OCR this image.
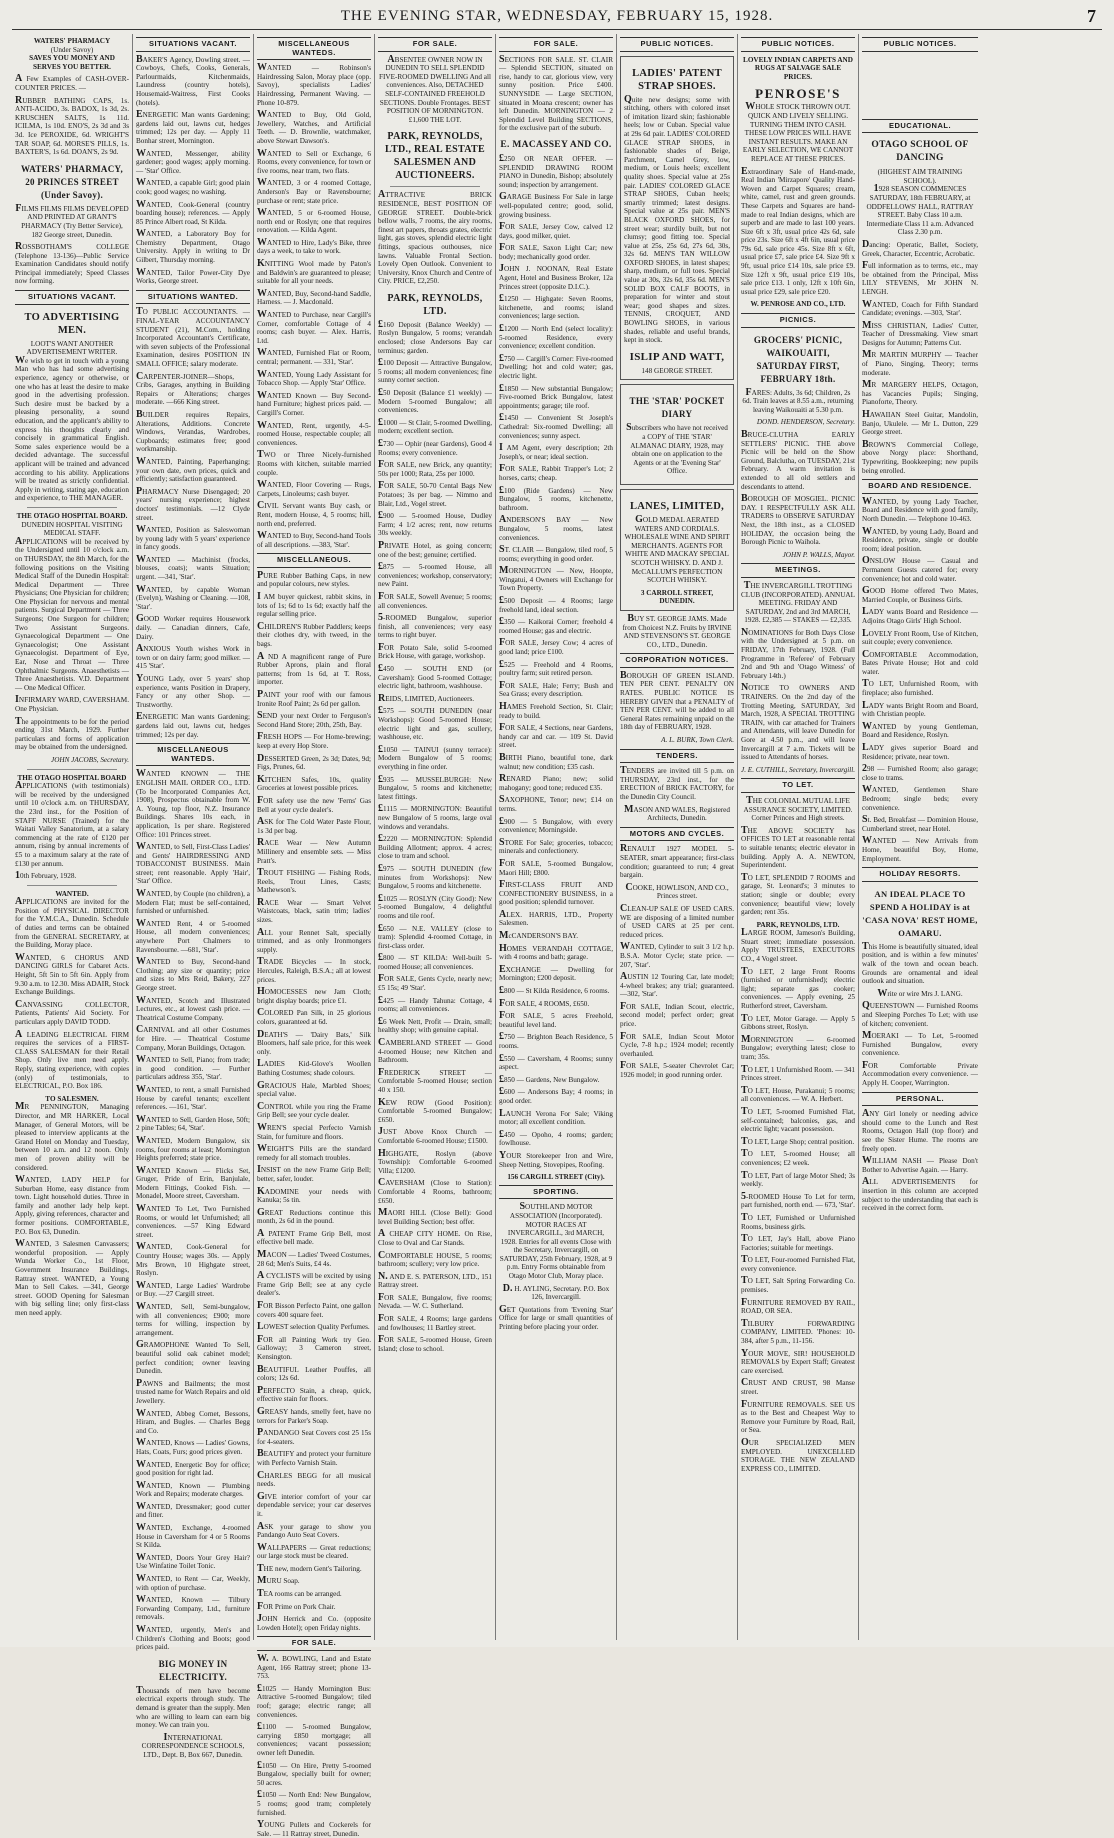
THE EVENING STAR, WEDNESDAY, FEBRUARY 15, 1928.	7
WATERS' PHARMACY
(Under Savoy)
SAVES YOU MONEY AND SERVES YOU BETTER.
A Few Examples of CASH-OVER-COUNTER PRICES. —
RUBBER BATHING CAPS, 1s. ANTI-ACIDO, 3s. BADOX, 1s 3d, 2s. KRUSCHEN SALTS, 1s 11d. ICILMA, 1s 10d. ENO'S, 2s 3d and 3s 3d. Ice PEROXIDE, 6d. WRIGHT'S TAR SOAP, 6d. MORSE'S PILLS, 1s. BAXTER'S, 1s 6d. DOAN'S, 2s 9d.
WATERS' PHARMACY, 20 PRINCES STREET (Under Savoy).
FILMS FILMS FILMS DEVELOPED AND PRINTED AT GRANT'S PHARMACY (Try Better Service), 182 George street, Dunedin.
ROSSBOTHAM'S COLLEGE (Telephone 13-136)—Public Service Examination Candidates should notify Principal immediately; Speed Classes now forming.
SITUATIONS VACANT.
TO ADVERTISING MEN.
LOOT'S WANT ANOTHER ADVERTISEMENT WRITER.
We wish to get in touch with a young Man who has had some advertising experience, agency or otherwise, or one who has at least the desire to make good in the advertising profession. Such desire must be backed by a pleasing personality, a sound education, and the applicant's ability to express his thoughts clearly and concisely in grammatical English. Some sales experience would be a decided advantage. The successful applicant will be trained and advanced according to his ability. Applications will be treated as strictly confidential. Apply in writing, stating age, education and experience, to THE MANAGER.
THE OTAGO HOSPITAL BOARD.
DUNEDIN HOSPITAL VISITING MEDICAL STAFF.
APPLICATIONS will be received by the Undersigned until 10 o'clock a.m. on THURSDAY, the 8th March, for the following positions on the Visiting Medical Staff of the Dunedin Hospital: Medical Department — Three Physicians; One Physician for children; One Physician for nervous and mental patients. Surgical Department — Three Surgeons; One Surgeon for children; Two Assistant Surgeons. Gynaecological Department — One Gynaecologist; One Assistant Gynaecologist. Department of Eye, Ear, Nose and Throat — Three Ophthalmic Surgeons. Anaesthetists — Three Anaesthetists. V.D. Department — One Medical Officer.
INFIRMARY WARD, CAVERSHAM. One Physician.
The appointments to be for the period ending 31st March, 1929. Further particulars and forms of application may be obtained from the undersigned.
JOHN JACOBS, Secretary.
THE OTAGO HOSPITAL BOARD
APPLICATIONS (with testimonials) will be received by the undersigned until 10 o'clock a.m. on THURSDAY, the 23rd inst., for the Position of STAFF NURSE (Trained) for the Waitati Valley Sanatorium, at a salary commencing at the rate of £120 per annum, rising by annual increments of £5 to a maximum salary at the rate of £130 per annum.
10th February, 1928.
WANTED.
APPLICATIONS are invited for the Position of PHYSICAL DIRECTOR for the Y.M.C.A., Dunedin. Schedule of duties and terms can be obtained from the GENERAL SECRETARY, at the Building, Moray place.
WANTED, 6 CHORUS AND DANCING GIRLS for Cabaret Acts. Height, 5ft 5in to 5ft 6in. Apply from 9.30 a.m. to 12.30. Miss ADAIR, Stock Exchange Buildings.
CANVASSING COLLECTOR, Patients, Patients' Aid Society. For particulars apply DAVID TODD.
A LEADING ELECTRICAL FIRM requires the services of a FIRST-CLASS SALESMAN for their Retail Shop. Only live men need apply. Reply, stating experience, with copies (only) of testimonials, to ELECTRICAL, P.O. Box 186.
TO SALESMEN.
MR PENNINGTON, Managing Director, and MR HARKER, Local Manager, of General Motors, will be pleased to interview applicants at the Grand Hotel on Monday and Tuesday, between 10 a.m. and 12 noon. Only men of proven ability will be considered.
WANTED, LADY HELP for Suburban Home, easy distance from town. Light household duties. Three in family and another lady help kept. Apply, giving references, character and former positions. COMFORTABLE, P.O. Box 63, Dunedin.
WANTED, 3 Salesmen Canvassers; wonderful proposition. — Apply Wunda Worker Co., 1st Floor, Government Insurance Buildings, Rattray street. WANTED, a Young Man to Sell Cakes. —341, George street. GOOD Opening for Salesman with big selling line; only first-class men need apply.
SITUATIONS VACANT.
BAKER'S Agency, Dowling street. — Cowboys, Chefs, Cooks, Generals, Parlourmaids, Kitchenmaids, Laundress (country hotels), Housemaid-Waitress, First Cooks (hotels).
ENERGETIC Man wants Gardening; gardens laid out, lawns cut, hedges trimmed; 12s per day. — Apply 11 Bonhar street, Mornington.
WANTED, Messenger, ability gardener; good wages; apply morning. — 'Star' Office.
WANTED, a capable Girl; good plain cook; good wages; no washing.
WANTED, Cook-General (country boarding house); references. — Apply 85 Prince Albert road, St Kilda.
WANTED, a Laboratory Boy for Chemistry Department, Otago University. Apply in writing to Dr Gilbert, Thursday morning.
WANTED, Tailor Power-City Dye Works, George street.
SITUATIONS WANTED.
TO PUBLIC ACCOUNTANTS. — FINAL-YEAR ACCOUNTANCY STUDENT (21), M.Com., holding Incorporated Accountant's Certificate, with seven subjects of the Professional Examination, desires POSITION IN SMALL OFFICE; salary moderate.
CARPENTER-JOINER—Shops, Cribs, Garages, anything in Building Repairs or Alterations; charges moderate. —666 King street.
BUILDER requires Repairs, Alterations, Additions. Concrete Windows, Verandas, Wardrobes, Cupboards; estimates free; good workmanship.
WANTED, Painting, Paperhanging; your own date, own prices, quick and efficiently; satisfaction guaranteed.
PHARMACY Nurse Disengaged; 20 years' nursing experience; highest doctors' testimonials. —12 Clyde street.
WANTED, Position as Saleswoman by young lady with 5 years' experience in fancy goods.
WANTED — Machinist (frocks, blouses, coats); wants Situation; urgent. —341, 'Star'.
WANTED, by capable Woman (Evelyn), Washing or Cleaning. —108, 'Star'.
GOOD Worker requires Housework daily. — Canadian dinners, Cafe, Dairy.
ANXIOUS Youth wishes Work in town or on dairy farm; good milker. —415 'Star'.
YOUNG Lady, over 5 years' shop experience, wants Position in Drapery, Fancy or any other Shop. — Trustworthy.
ENERGETIC Man wants Gardening; gardens laid out, lawns cut, hedges trimmed; 12s per day.
MISCELLANEOUS WANTEDS.
WANTED KNOWN — THE ENGLISH MAIL ORDER CO., LTD. (To be Incorporated Companies Act, 1908), Prospectus obtainable from W. A. Young, top floor, N.Z. Insurance Buildings. Shares 10s each, in application, 1s per share. Registered Office: 101 Princes street.
WANTED, to Sell, First-Class Ladies' and Gents' HAIRDRESSING AND TOBACCONIST BUSINESS. Main street; rent reasonable. Apply 'Hair', 'Star' Office.
WANTED, by Couple (no children), a Modern Flat; must be self-contained, furnished or unfurnished.
WANTED Rent, 4 or 5-roomed House, all modern conveniences; anywhere Port Chalmers to Ravensbourne. —681, 'Star'.
WANTED to Buy, Second-hand Clothing; any size or quantity; price and sizes to Mrs Reid, Bakery, 227 George street.
WANTED, Scotch and Illustrated Lectures, etc., at lowest cash price. — Theatrical Costume Company.
CARNIVAL and all other Costumes for Hire. — Theatrical Costume Company, Moran Buildings, Octagon.
WANTED to Sell, Piano; from trade; in good condition. — Further particulars address 355, 'Star'.
WANTED, to rent, a small Furnished House by careful tenants; excellent references. —161, 'Star'.
WANTED to Sell, Garden Hose, 50ft; 2 pine Tables; 64, 'Star'.
WANTED, Modern Bungalow, six rooms, four rooms at least; Mornington Heights preferred; state price.
WANTED Known — Flicks Set, Gruger, Pride of Erin, Banjulale, Modern Fittings, Cooked Fish. — Monadel, Moore street, Caversham.
WANTED To Let, Two Furnished Rooms, or would let Unfurnished; all conveniences. —57 King Edward street.
WANTED, Cook-General for Country House; wages 30s. — Apply Mrs Brown, 10 Highgate street, Roslyn.
WANTED, Large Ladies' Wardrobe or Buy. —27 Cargill street.
WANTED, Sell, Semi-bungalow, with all conveniences; £900; more terms for willing, inspection by arrangement.
GRAMOPHONE Wanted To Sell, beautiful solid oak cabinet model; perfect condition; owner leaving Dunedin.
PAWNS and Bailments; the most trusted name for Watch Repairs and old Jewellery.
WANTED, Abbeg Cornet, Bessons, Hiram, and Bugles. — Charles Begg and Co.
WANTED, Knows — Ladies' Gowns, Hats, Coats, Furs; good prices given.
WANTED, Energetic Boy for office; good position for right lad.
WANTED, Known — Plumbing Work and Repairs; moderate charges.
WANTED, Dressmaker; good cutter and fitter.
WANTED, Exchange, 4-roomed House in Caversham for 4 or 5 Rooms St Kilda.
WANTED, Doors Your Grey Hair? Use Winfatine Toilet Tonic.
WANTED, to Rent — Car, Weekly, with option of purchase.
WANTED, Known — Tilbury Forwarding Company, Ltd., furniture removals.
WANTED, urgently, Men's and Children's Clothing and Boots; good prices paid.
BIG MONEY IN ELECTRICITY.
Thousands of men have become electrical experts through study. The demand is greater than the supply. Men who are willing to learn can earn big money. We can train you.
INTERNATIONAL CORRESPONDENCE SCHOOLS, LTD., Dept. B, Box 667, Dunedin.
MISCELLANEOUS WANTEDS.
WANTED — Robinson's Hairdressing Salon, Moray place (opp. Savoy), specialists Ladies' Hairdressing, Permanent Waving. — Phone 10-879.
WANTED to Buy, Old Gold, Jewellery, Watches, and Artificial Teeth. — D. Brownlie, watchmaker, above Stewart Dawson's.
WANTED to Sell or Exchange, 6 Rooms, every convenience, for town or five rooms, near tram, two flats.
WANTED, 3 or 4 roomed Cottage, Anderson's Bay or Ravensbourne; purchase or rent; state price.
WANTED, 5 or 6-roomed House, north end or Roslyn; one that requires renovation. — Kilda Agent.
WANTED to Hire, Lady's Bike, three days a week, to take to work.
KNITTING Wool made by Paton's and Baldwin's are guaranteed to please; suitable for all your needs.
WANTED, Buy, Second-hand Saddle, Harness. — J. Macdonald.
WANTED to Purchase, near Cargill's Corner, comfortable Cottage of 4 rooms; cash buyer. — Alex. Harris, Ltd.
WANTED, Furnished Flat or Room, central; permanent. — 331, 'Star'.
WANTED, Young Lady Assistant for Tobacco Shop. — Apply 'Star' Office.
WANTED Known — Buy Second-hand Furniture; highest prices paid. — Cargill's Corner.
WANTED, Rent, urgently, 4-5-roomed House, respectable couple; all conveniences.
TWO or Three Nicely-furnished Rooms with kitchen, suitable married couple.
WANTED, Floor Covering — Rugs, Carpets, Linoleums; cash buyer.
CIVIL Servant wants Buy cash, or Rent, modern House, 4, 5 rooms; hill, north end, preferred.
WANTED to Buy, Second-hand Tools of all descriptions. —383, 'Star'.
MISCELLANEOUS.
PURE Rubber Bathing Caps, in new and popular colours, new styles.
I AM buyer quickest, rabbit skins, in lots of 1s; 6d to 1s 6d; exactly half the regular selling price.
CHILDREN'S Rubber Paddlers; keeps their clothes dry, with tweed, in the bags.
A ND A magnificent range of Pure Rubber Aprons, plain and floral patterns; from 1s 6d, at T. Ross, importer.
PAINT your roof with our famous Ironite Roof Paint; 2s 6d per gallon.
SEND your next Order to Ferguson's Second Hand Store; 20th, 25th, Bay.
FRESH HOPS — For Home-brewing; keep at every Hop Store.
DESSERTED Green, 2s 3d; Dates, 9d; Figs, Prunes, 6d.
KITCHEN Safes, 10s, quality Groceries at lowest possible prices.
FOR safety use the new 'Ferns' Gas Bell at your cycle dealer's.
ASK for The Cold Water Paste Flour, 1s 3d per bag.
RACE Wear — New Autumn Millinery and ensemble sets. — Miss Pratt's.
TROUT FISHING — Fishing Rods, Reels, Trout Lines, Casts; Mathewson's.
RACE Wear — Smart Velvet Waistcoats, black, satin trim; ladies' sizes.
ALL your Rennet Salt, specially trimmed, and as only Ironmongers supply.
TRADE Bicycles — In stock, Hercules, Raleigh, B.S.A.; all at lowest prices.
HOMOCESSES new Jam Cloth; bright display boards; price £1.
COLORED Pan Silk, in 25 glorious colors, guaranteed at 6d.
DEATH'S — 'Dairy Bats,' Silk Bloomers, half sale price, for this week only.
LADIES Kid-Glove's Woollen Bathing Costumes; shade colours.
GRACIOUS Hale, Marbled Shoes; special value.
CONTROL while you ring the Frame Grip Bell; see your cycle dealer.
WREN'S special Perfecto Varnish Stain, for furniture and floors.
WEIGHT'S Pills are the standard remedy for all stomach troubles.
INSIST on the new Frame Grip Bell; better, safer, louder.
KADOMINE your needs with Kanuka; 5s tin.
GREAT Reductions continue this month, 2s 6d in the pound.
A PATENT Frame Grip Bell, most effective bell made.
MACON — Ladies' Tweed Costumes, 28 6d; Men's Suits, £4 4s.
A CYCLISTS will be excited by using Frame Grip Bell; see at any cycle dealer's.
FOR Bisson Perfecto Paint, one gallon covers 400 square feet.
LOWEST selection Quality Perfumes.
FOR all Painting Work try Geo. Galloway; 3 Cameron street, Kensington.
BEAUTIFUL Leather Pouffes, all colors; 12s 6d.
PERFECTO Stain, a cheap, quick, effective stain for floors.
GREASY hands, smelly feet, have no terrors for Parker's Soap.
PANDANGO Seat Covers cost 25 15s for 4-seaters.
BEAUTIFY and protect your furniture with Perfecto Varnish Stain.
CHARLES BEGG for all musical needs.
GIVE interior comfort of your car dependable service; your car deserves it.
ASK your garage to show you Pandango Auto Seat Covers.
WALLPAPERS — Great reductions; our large stock must be cleared.
THE new, modern Gent's Tailoring.
MURU Soap.
TEA rooms can be arranged.
FOR Prime on Pork Chair.
JOHN Herrick and Co. (opposite Lowden Hotel); open Friday nights.
FOR SALE.
W. A. BOWLING, Land and Estate Agent, 166 Rattray street; phone 13-753.
£1025 — Handy Mornington Bus: Attractive 5-roomed Bungalow; tiled roof; garage; electric range; all conveniences.
£1100 — 5-roomed Bungalow, carrying £850 mortgage; all conveniences; vacant possession; owner left Dunedin.
£1050 — On Hire, Pretty 5-roomed Bungalow, specially built for owner; 50 acres.
£1050 — North End: New Bungalow, 5 rooms; good tram; completely furnished.
YOUNG Pullets and Cockerels for Sale. — 11 Rattray street, Dunedin.
FOR SALE.
ABSENTEE OWNER NOW IN DUNEDIN TO SELL SPLENDID FIVE-ROOMED DWELLING And all conveniences. Also, DETACHED SELF-CONTAINED FREEHOLD SECTIONS. Double Frontages. BEST POSITION OF MORNINGTON. £1,600 THE LOT.
PARK, REYNOLDS, LTD., REAL ESTATE SALESMEN AND AUCTIONEERS.
ATTRACTIVE BRICK RESIDENCE, BEST POSITION OF GEORGE STREET. Double-brick bellow walls, 7 rooms, the airy rooms, finest art papers, throats grates, electric light, gas stoves, splendid electric light fittings, spacious outhouses, nice lawns. Valuable Frontal Section. Lovely Open Outlook. Convenient to University, Knox Church and Centre of City. PRICE, £2,250.
PARK, REYNOLDS, LTD.
£160 Deposit (Balance Weekly) — Roslyn Bungalow, 5 rooms; verandah enclosed; close Andersons Bay car terminus; garden.
£100 Deposit — Attractive Bungalow, 5 rooms; all modern conveniences; fine sunny corner section.
£50 Deposit (Balance £1 weekly) — Modern 5-roomed Bungalow; all conveniences.
£1000 — St Clair, 5-roomed Dwelling, modern; excellent section.
£730 — Ophir (near Gardens), Good 4 Rooms; every convenience.
FOR SALE, new Brick, any quantity; 50s per 1000; Rata, 25s per 1000.
FOR SALE, 50-70 Cental Bags New Potatoes; 3s per bag. — Nimmo and Blair, Ltd., Vogel street.
£900 — 5-roomed House, Dudley Farm; 4 1/2 acres; rent, now returns 30s weekly.
PRIVATE Hotel, as going concern; one of the best; genuine; certified.
£875 — 5-roomed House, all conveniences; workshop, conservatory; new Paint.
FOR SALE, Sowell Avenue; 5 rooms; all conveniences.
5-ROOMED Bungalow, superior finish, all conveniences; very easy terms to right buyer.
FOR Potato Sale, solid 5-roomed Brick House, with garage, workshop.
£450 — SOUTH END (or Caversham): Good 5-roomed Cottage; electric light, bathroom, washhouse.
REIDS, LIMITED, Auctioneers.
£575 — SOUTH DUNEDIN (near Workshops): Good 5-roomed House; electric light and gas, scullery, washhouse, etc.
£1050 — TAINUI (sunny terrace): Modern Bungalow of 5 rooms; everything in fine order.
£935 — MUSSELBURGH: New Bungalow, 5 rooms and kitchenette; latest fittings.
£1115 — MORNINGTON: Beautiful new Bungalow of 5 rooms, large oval windows and verandahs.
£2220 — MORNINGTON: Splendid Building Allotment; approx. 4 acres; close to tram and school.
£975 — SOUTH DUNEDIN (few minutes from Workshops): New Bungalow, 5 rooms and kitchenette.
£1025 — ROSLYN (City Good): New 5-roomed Bungalow, 4 delightful rooms and tile roof.
£650 — N.E. VALLEY (close to tram): Splendid 4-roomed Cottage, in first-class order.
£800 — ST KILDA: Well-built 5-roomed House; all conveniences.
FOR SALE, Gents Cycle, nearly new; £5 15s; 49 'Star'.
£425 — Handy Tahuna: Cottage, 4 rooms; all conveniences.
£6 Week Nett, Profit — Drain, small; healthy shop; with genuine capital.
CAMBERLAND STREET — Good 4-roomed House; new Kitchen and Bathroom.
FREDERICK STREET — Comfortable 5-roomed House; section 40 x 150.
KEW ROW (Good Position): Comfortable 5-roomed Bungalow; £650.
JUST Above Knox Church — Comfortable 6-roomed House; £1500.
HIGHGATE, Roslyn (above Township): Comfortable 6-roomed Villa; £1200.
CAVERSHAM (Close to Station): Comfortable 4 Rooms, bathroom; £650.
MAORI HILL (Close Bell): Good level Building Section; best offer.
A CHEAP CITY HOME. On Rise, Close to Oval and Car Stands.
COMFORTABLE HOUSE, 5 rooms; bathroom; scullery; very low price.
N. AND E. S. PATERSON, LTD., 151 Rattray street.
FOR SALE, Bungalow, five rooms; Nevada. — W. C. Sutherland.
FOR SALE, 4 Rooms; large gardens and fowlhouses; 11 Bartley street.
FOR SALE, 5-roomed House, Green Island; close to school.
FOR SALE.
SECTIONS FOR SALE. ST. CLAIR — Splendid SECTION, situated on rise, handy to car, glorious view, very sunny position. Price £400. SUNNYSIDE — Large SECTION, situated in Moana crescent; owner has left Dunedin. MORNINGTON — 2 Splendid Level Building SECTIONS, for the exclusive part of the suburb.
E. MACASSEY AND CO.
£250 OR NEAR OFFER. — SPLENDID DRAWING ROOM PIANO in Dunedin, Bishop; absolutely sound; inspection by arrangement.
GARAGE Business For Sale in large well-populated centre; good, solid, growing business.
FOR SALE, Jersey Cow, calved 12 days, good milker, quiet.
FOR SALE, Saxon Light Car; new body; mechanically good order.
JOHN J. NOONAN, Real Estate Agent, Hotel and Business Broker, 12a Princes street (opposite D.I.C.).
£1250 — Highgate: Seven Rooms, kitchenette, and rooms; island conveniences; large section.
£1200 — North End (select locality): 5-roomed Residence, every convenience; excellent condition.
£750 — Cargill's Corner: Five-roomed Dwelling; hot and cold water; gas, electric light.
£1850 — New substantial Bungalow; Five-roomed Brick Bungalow, latest appointments; garage; tile roof.
£1450 — Convenient St Joseph's Cathedral: Six-roomed Dwelling; all conveniences; sunny aspect.
I AM Agent, every description; 2th Joseph's, or near; ideal section.
FOR SALE, Rabbit Trapper's Lot; 2 horses, carts; cheap.
£100 (Ride Gardens) — New Bungalow, 5 rooms, kitchenette, bathroom.
ANDERSON'S BAY — New Bungalow, 5 rooms, latest conveniences.
ST. CLAIR — Bungalow, tiled roof, 5 rooms; everything in good order.
MORNINGTON — New, Hoopte, Wingatui, 4 Owners will Exchange for Town Property.
£500 Deposit — 4 Rooms; large freehold land, ideal section.
£350 — Kaikorai Corner; freehold 4 roomed House; gas and electric.
FOR SALE, Jersey Cow; 4 acres of good land; price £100.
£525 — Freehold and 4 Rooms, poultry farm; suit retired person.
FOR SALE, Hale; Ferry; Bush and Sea Grass; every description.
HAMES Freehold Section, St. Clair; ready to build.
FOR SALE, 4 Sections, near Gardens, handy car and car. — 109 St. David street.
BIRTH Piano, beautiful tone, dark walnut; new condition; £35 cash.
RENARD Piano; new; solid mahogany; good tone; reduced £35.
SAXOPHONE, Tenor; new; £14 on terms.
£900 — 5 Bungalow, with every convenience; Morningside.
STORE For Sale; groceries, tobacco; minerals and confectionery.
FOR SALE, 5-roomed Bungalow, Maori Hill; £800.
FIRST-CLASS FRUIT AND CONFECTIONERY BUSINESS, in a good position; splendid turnover.
ALEX. HARRIS, LTD., Property Salesmen.
McCANDERSON'S BAY.
HOMES VERANDAH COTTAGE, with 4 rooms and bath; garage.
EXCHANGE — Dwelling for Mornington; £200 deposit.
£800 — St Kilda Residence, 6 rooms.
FOR SALE, 4 ROOMS, £650.
FOR SALE, 5 acres Freehold, beautiful level land.
£750 — Brighton Beach Residence, 5 rooms.
£550 — Caversham, 4 Rooms; sunny aspect.
£850 — Gardens, New Bungalow.
£600 — Andersons Bay; 4 rooms; in good order.
LAUNCH Verona For Sale; Viking motor; all excellent condition.
£450 — Opoho, 4 rooms; garden; fowlhouse.
YOUR Storekeeper Iron and Wire, Sheep Netting, Stovepipes, Roofing.
156 CARGILL STREET (City).
SPORTING.
SOUTHLAND MOTOR ASSOCIATION (Incorporated). MOTOR RACES AT INVERCARGILL, 3rd MARCH, 1928. Entries for all events Close with the Secretary, Invercargill, on SATURDAY, 25th February, 1928, at 9 p.m. Entry Forms obtainable from Otago Motor Club, Moray place.
D. H. AYLING, Secretary. P.O. Box 126, Invercargill.
GET Quotations from 'Evening Star' Office for large or small quantities of Printing before placing your order.
PUBLIC NOTICES.
LADIES' PATENT STRAP SHOES.
Quite new designs; some with stitching, others with colored inset of imitation lizard skin; fashionable heels; low or Cuban. Special value at 29s 6d pair. LADIES' COLORED GLACE STRAP SHOES, in fashionable shades of Beige, Parchment, Camel Grey, low, medium, or Louis heels; excellent quality shoes. Special value at 25s pair. LADIES' COLORED GLACE STRAP SHOES, Cuban heels; smartly trimmed; latest designs. Special value at 25s pair. MEN'S BLACK OXFORD SHOES, for street wear; sturdily built, but not clumsy; good fitting toe. Special value at 25s, 25s 6d, 27s 6d, 30s, 32s 6d. MEN'S TAN WILLOW OXFORD SHOES, in latest shapes; sharp, medium, or full toes. Special value at 30s, 32s 6d, 35s 6d. MEN'S SOLID BOX CALF BOOTS, in preparation for winter and stout wear; good shapes and sizes. TENNIS, CROQUET, AND BOWLING SHOES, in various shades, reliable and useful brands, kept in stock.
ISLIP AND WATT,
148 GEORGE STREET.
THE 'STAR' POCKET DIARY
Subscribers who have not received a COPY of THE 'STAR' ALMANAC DIARY, 1928, may obtain one on application to the Agents or at the 'Evening Star' Office.
LANES, LIMITED,
GOLD MEDAL AERATED WATERS AND CORDIALS. WHOLESALE WINE AND SPIRIT MERCHANTS. AGENTS FOR WHITE AND MACKAY SPECIAL SCOTCH WHISKY. D. AND J. McCALLUM'S PERFECTION SCOTCH WHISKY.
3 CARROLL STREET, DUNEDIN.
BUY ST. GEORGE JAMS. Made from Choicest N.Z. Fruits by IRVINE AND STEVENSON'S ST. GEORGE CO., LTD., Dunedin.
CORPORATION NOTICES.
BOROUGH OF GREEN ISLAND. TEN PER CENT. PENALTY ON RATES. PUBLIC NOTICE IS HEREBY GIVEN that a PENALTY of TEN PER CENT. will be added to all General Rates remaining unpaid on the 18th day of FEBRUARY, 1928.
A. L. BURK, Town Clerk.
TENDERS.
TENDERS are invited till 5 p.m. on THURSDAY, 23rd inst., for the ERECTION of BRICK FACTORY, for the Dunedin City Council.
MASON AND WALES, Registered Architects, Dunedin.
MOTORS AND CYCLES.
RENAULT 1927 MODEL 5-SEATER, smart appearance; first-class condition; guaranteed to run; 4 great bargain.
COOKE, HOWLISON, AND CO., Princes street.
CLEAN-UP SALE OF USED CARS. WE are disposing of a limited number of USED CARS at 25 per cent. reduced prices.
WANTED, Cylinder to suit 3 1/2 h.p. B.S.A. Motor Cycle; state price. —207, 'Star'.
AUSTIN 12 Touring Car, late model; 4-wheel brakes; any trial; guaranteed. —302, 'Star'.
FOR SALE, Indian Scout, electric, second model; perfect order; great price.
FOR SALE, Indian Scout Motor Cycle, 7-8 h.p.; 1924 model; recently overhauled.
FOR SALE, 5-seater Chevrolet Car; 1926 model; in good running order.
PUBLIC NOTICES.
LOVELY INDIAN CARPETS AND RUGS AT SALVAGE SALE PRICES.
PENROSE'S
WHOLE STOCK THROWN OUT. QUICK AND LIVELY SELLING. TURNING THEM INTO CASH. THESE LOW PRICES WILL HAVE INSTANT RESULTS. MAKE AN EARLY SELECTION, WE CANNOT REPLACE AT THESE PRICES.
Extraordinary Sale of Hand-made, Real Indian 'Mirzapore' Quality Hand-Woven and Carpet Squares; cream, white, camel, rust and green grounds. These Carpets and Squares are hand-made to real Indian designs, which are superb and are made to last 100 years. Size 6ft x 3ft, usual price 42s 6d, sale price 23s. Size 6ft x 4ft 6in, usual price 79s 6d, sale price 45s. Size 8ft x 6ft, usual price £7, sale price £4. Size 9ft x 9ft, usual price £14 10s, sale price £9. Size 12ft x 9ft, usual price £19 10s, sale price £13. 1 only, 12ft x 10ft 6in, usual price £29, sale price £20.
W. PENROSE AND CO., LTD.
PICNICS.
GROCERS' PICNIC, WAIKOUAITI, SATURDAY FIRST, FEBRUARY 18th.
FARES: Adults, 3s 6d; Children, 2s 6d. Train leaves at 8.55 a.m., returning leaving Waikouaiti at 5.30 p.m.
DOND. HENDERSON, Secretary.
BRUCE-CLUTHA EARLY SETTLERS' PICNIC. THE above Picnic will be held on the Show Ground, Balclutha, on TUESDAY, 21st February. A warm invitation is extended to all old settlers and descendants to attend.
BOROUGH OF MOSGIEL. PICNIC DAY. I RESPECTFULLY ASK ALL TRADERS to OBSERVE SATURDAY Next, the 18th inst., as a CLOSED HOLIDAY, the occasion being the Borough Picnic to Waihola.
JOHN P. WALLS, Mayor.
MEETINGS.
THE INVERCARGILL TROTTING CLUB (INCORPORATED). ANNUAL MEETING. FRIDAY AND SATURDAY, 2nd and 3rd MARCH, 1928. £2,385 — STAKES — £2,335.
NOMINATIONS for Both Days Close with the Undersigned at 5 p.m. on FRIDAY, 17th February, 1928. (Full Programme in 'Referee' of February 2nd and 9th and 'Otago Witness' of February 14th.)
NOTICE TO OWNERS AND TRAINERS. On the 2nd day of the Trotting Meeting, SATURDAY, 3rd March, 1928, A SPECIAL TROTTING TRAIN, with car attached for Trainers and Attendants, will leave Dunedin for Gore at 4.50 p.m., and will leave Invercargill at 7 a.m. Tickets will be issued to Attendants of horses.
J. E. CUTHILL, Secretary, Invercargill.
TO LET.
THE COLONIAL MUTUAL LIFE ASSURANCE SOCIETY, LIMITED. Corner Princes and High streets.
THE ABOVE SOCIETY has OFFICES TO LET at reasonable rental to suitable tenants; electric elevator in building. Apply A. A. NEWTON, Superintendent.
TO LET, SPLENDID 7 ROOMS and garage, St. Leonard's; 3 minutes to station; single or double; every convenience; beautiful view; lovely garden; rent 35s.
PARK, REYNOLDS, LTD.
LARGE ROOM, Jameson's Building, Stuart street; immediate possession. Apply TRUSTEES, EXECUTORS CO., 4 Vogel street.
TO LET, 2 large Front Rooms (furnished or unfurnished); electric light; separate gas cooker; conveniences. — Apply evening, 25 Rutherford street, Caversham.
TO LET, Motor Garage. — Apply 5 Gibbons street, Roslyn.
MORNINGTON — 6-roomed Bungalow; everything latest; close to tram; 35s.
TO LET, 1 Unfurnished Room. — 341 Princes street.
TO LET, House, Purakanui; 5 rooms; all conveniences. — W. A. Herbert.
TO LET, 5-roomed Furnished Flat, self-contained; balconies, gas, and electric light; vacant possession.
TO LET, Large Shop; central position.
TO LET, 5-roomed House; all conveniences; £2 week.
TO LET, Part of large Motor Shed; 3s weekly.
5-ROOMED House To Let for term, part furnished, north end. — 673, 'Star'.
TO LET, Furnished or Unfurnished Rooms, business girls.
TO LET, Jay's Hall, above Piano Factories; suitable for meetings.
TO LET, Four-roomed Furnished Flat, every convenience.
TO LET, Salt Spring Forwarding Co. premises.
FURNITURE REMOVED BY RAIL, ROAD, OR SEA.
TILBURY FORWARDING COMPANY, LIMITED. 'Phones: 10-384, after 5 p.m., 11-156.
YOUR MOVE, SIR! HOUSEHOLD REMOVALS by Expert Staff; Greatest care exercised.
CRUST AND CRUST, 98 Manse street.
FURNITURE REMOVALS. SEE US as to the Best and Cheapest Way to Remove your Furniture by Road, Rail, or Sea.
OUR SPECIALIZED MEN EMPLOYED. UNEXCELLED STORAGE. THE NEW ZEALAND EXPRESS CO., LIMITED.
PUBLIC NOTICES.
EDUCATIONAL.
OTAGO SCHOOL OF DANCING
(HIGHEST AIM TRAINING SCHOOL).
1928 SEASON COMMENCES SATURDAY, 18th FEBRUARY, at ODDFELLOWS' HALL, RATTRAY STREET. Baby Class 10 a.m. Intermediate Class 11 a.m. Advanced Class 2.30 p.m.
Dancing: Operatic, Ballet, Society, Greek, Character, Eccentric, Acrobatic.
Full information as to terms, etc., may be obtained from the Principal, Miss LILY STEVENS, Mr JOHN N. LENGH.
WANTED, Coach for Fifth Standard Candidate; evenings. —303, 'Star'.
MISS CHRISTIAN, Ladies' Cutter, Teacher of Dressmaking. View smart Designs for Autumn; Patterns Cut.
MR MARTIN MURPHY — Teacher of Piano, Singing, Theory; terms moderate.
MR MARGERY HELPS, Octagon, has Vacancies Pupils; Singing, Pianoforte, Theory.
HAWAIIAN Steel Guitar, Mandolin, Banjo, Ukulele. — Mr L. Dutton, 229 George street.
BROWN'S Commercial College, above Norgy place: Shorthand, Typewriting, Bookkeeping; new pupils being enrolled.
BOARD AND RESIDENCE.
WANTED, by young Lady Teacher, Board and Residence with good family, North Dunedin. — Telephone 10-463.
WANTED, by young Lady, Board and Residence, private, single or double room; ideal position.
ONSLOW House — Casual and Permanent Guests catered for; every convenience; hot and cold water.
GOOD Home offered Two Mates, Married Couple, or Business Girls.
LADY wants Board and Residence — Adjoins Otago Girls' High School.
LOVELY Front Room, Use of Kitchen, suit couple; every convenience.
COMFORTABLE Accommodation, Bates Private House; Hot and cold water.
TO LET, Unfurnished Room, with fireplace; also furnished.
LADY wants Bright Room and Board, with Christian people.
WANTED by young Gentleman, Board and Residence, Roslyn.
LADY gives superior Board and Residence; private, near town.
298 — Furnished Room; also garage; close to trams.
WANTED, Gentlemen Share Bedroom; single beds; every convenience.
St. Bed, Breakfast — Dominion House, Cumberland street, near Hotel.
WANTED — New Arrivals from Home, beautiful Boy, Home, Employment.
HOLIDAY RESORTS.
AN IDEAL PLACE TO SPEND A HOLIDAY is at 'CASA NOVA' REST HOME, OAMARU.
This Home is beautifully situated, ideal position, and is within a few minutes' walk of the town and ocean beach. Grounds are ornamental and ideal outlook and situation.
Write or wire Mrs J. LANG.
QUEENSTOWN — Furnished Rooms and Sleeping Porches To Let; with use of kitchen; convenient.
MOERAKI — To Let, 5-roomed Furnished Bungalow, every convenience.
FOR Comfortable Private Accommodation every convenience. — Apply H. Cooper, Warrington.
PERSONAL.
ANY Girl lonely or needing advice should come to the Lunch and Rest Rooms, Octagon Hall (top floor) and see the Sister Hume. The rooms are freely open.
WILLIAM NASH — Please Don't Bother to Advertise Again. — Harry.
ALL ADVERTISEMENTS for insertion in this column are accepted subject to the understanding that each is received in the correct form.
